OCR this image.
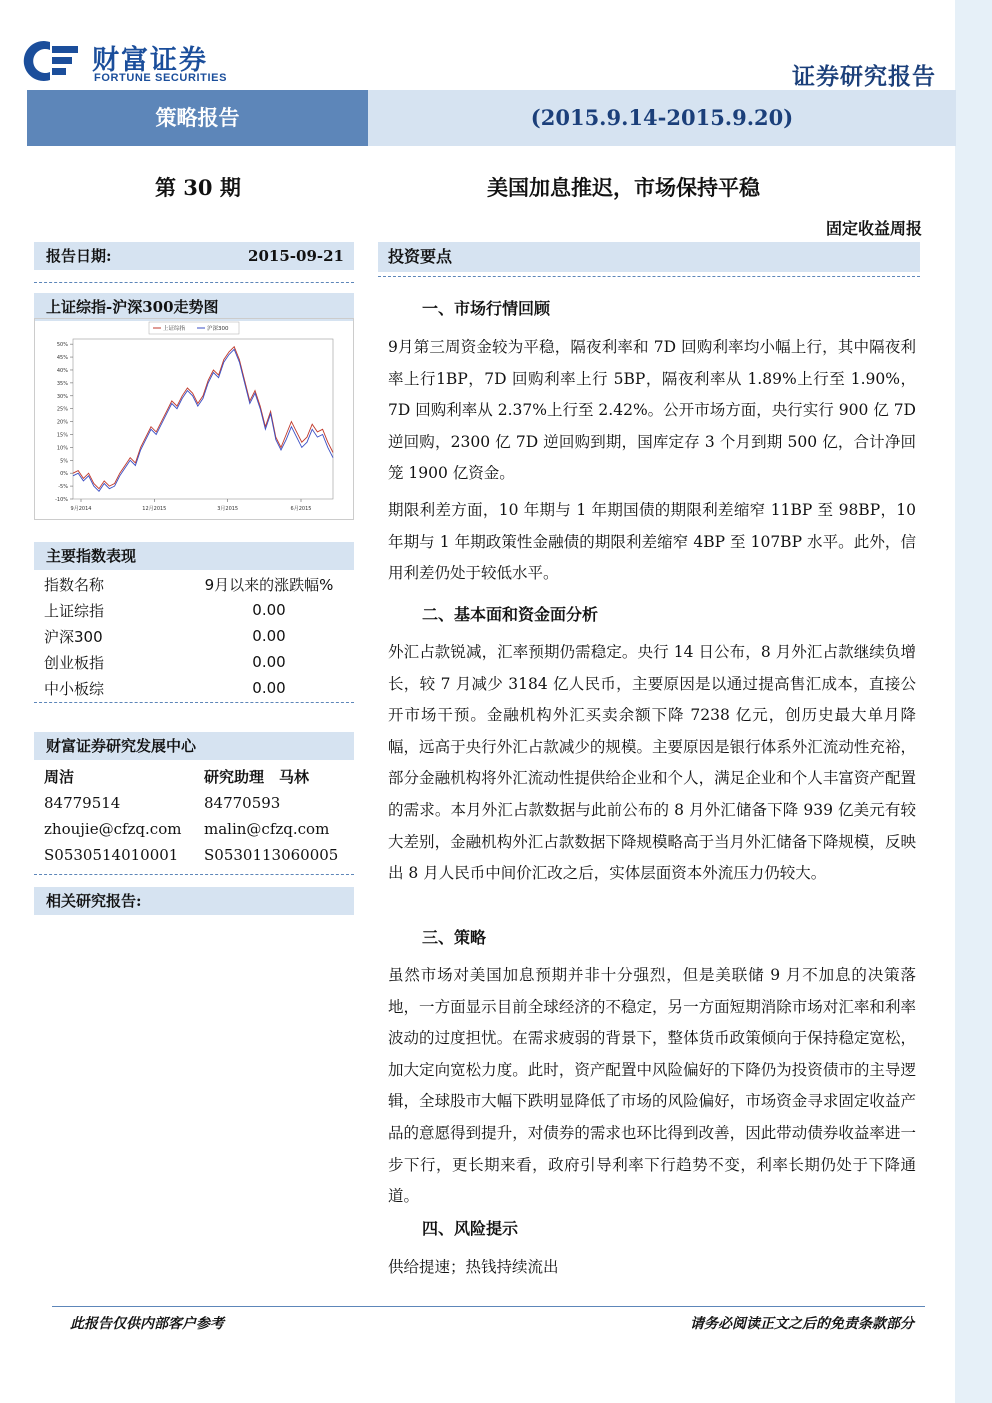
财富证券
FORTUNE SECURITIES	证券研究报告
策略报告	(2015.9.14-2015.9.20)
第 30 期	美国加息推迟，市场保持平稳
固定收益周报
报告日期:	2015-09-21
上证综指-沪深300走势图
50%
45%
40%
35%
30%
25%
20%
15%
10%
5%
0%
-5%
-10%
9月2014	12月2015	3月2015	6月2015
上证综指	沪深300
主要指数表现
指数名称	9月以来的涨跌幅%
上证综指	0.00
沪深300	0.00
创业板指	0.00
中小板综	0.00
财富证券研究发展中心
周洁	研究助理　马林
84779514	84770593
zhoujie@cfzq.com	malin@cfzq.com
S0530514010001	S0530113060005
相关研究报告:
投资要点
一、市场行情回顾
9月第三周资金较为平稳，隔夜利率和 7D 回购利率均小幅上行，其中隔夜利率上行1BP，7D 回购利率上行 5BP，隔夜利率从 1.89%上行至 1.90%，7D 回购利率从 2.37%上行至 2.42%。公开市场方面，央行实行 900 亿 7D 逆回购，2300 亿 7D 逆回购到期，国库定存 3 个月到期 500 亿，合计净回笼 1900 亿资金。
期限利差方面，10 年期与 1 年期国债的期限利差缩窄 11BP 至 98BP，10 年期与 1 年期政策性金融债的期限利差缩窄 4BP 至 107BP 水平。此外，信用利差仍处于较低水平。
二、基本面和资金面分析
外汇占款锐减，汇率预期仍需稳定。央行 14 日公布，8 月外汇占款继续负增长，较 7 月减少 3184 亿人民币，主要原因是以通过提高售汇成本，直接公开市场干预。金融机构外汇买卖余额下降 7238 亿元，创历史最大单月降幅，远高于央行外汇占款减少的规模。主要原因是银行体系外汇流动性充裕，部分金融机构将外汇流动性提供给企业和个人，满足企业和个人丰富资产配置的需求。本月外汇占款数据与此前公布的 8 月外汇储备下降 939 亿美元有较大差别，金融机构外汇占款数据下降规模略高于当月外汇储备下降规模，反映出 8 月人民币中间价汇改之后，实体层面资本外流压力仍较大。
三、策略
虽然市场对美国加息预期并非十分强烈，但是美联储 9 月不加息的决策落地，一方面显示目前全球经济的不稳定，另一方面短期消除市场对汇率和利率波动的过度担忧。在需求疲弱的背景下，整体货币政策倾向于保持稳定宽松，加大定向宽松力度。此时，资产配置中风险偏好的下降仍为投资债市的主导逻辑，全球股市大幅下跌明显降低了市场的风险偏好，市场资金寻求固定收益产品的意愿得到提升，对债券的需求也环比得到改善，因此带动债券收益率进一步下行，更长期来看，政府引导利率下行趋势不变，利率长期仍处于下降通道。
四、风险提示
供给提速；热钱持续流出
此报告仅供内部客户参考	请务必阅读正文之后的免责条款部分
